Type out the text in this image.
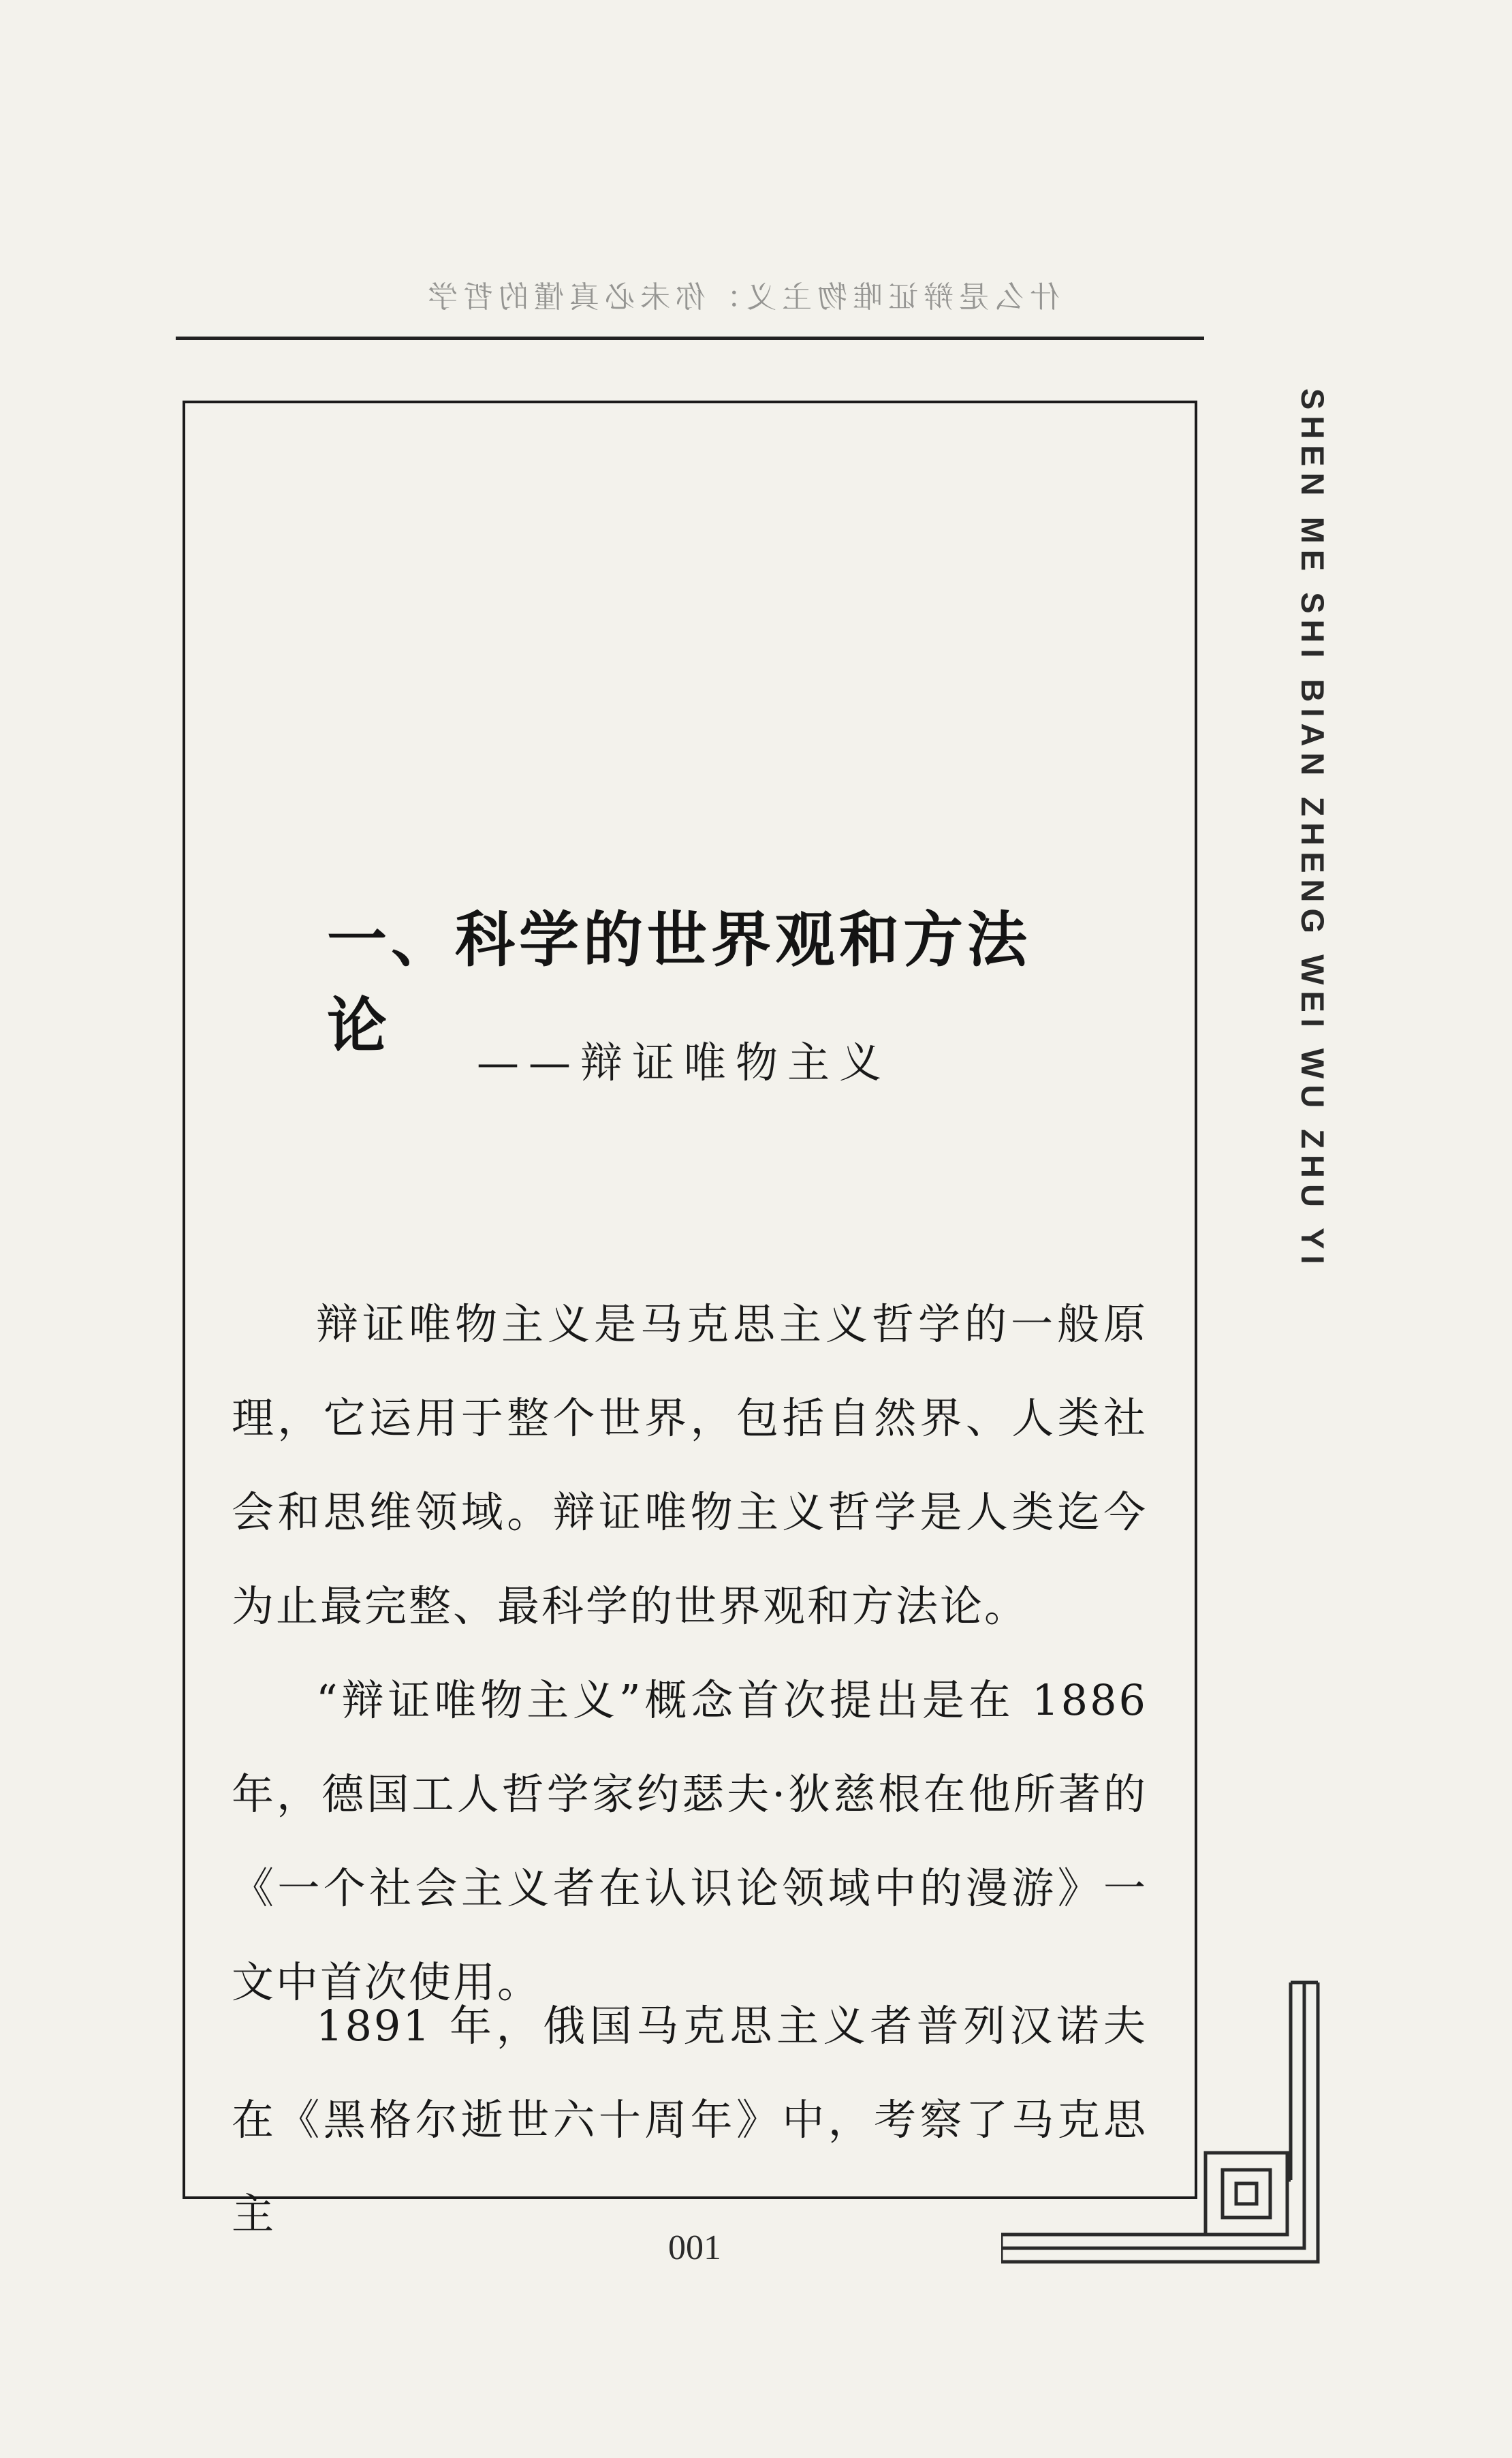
什么是辩证唯物主义：你未必真懂的哲学
一、科学的世界观和方法论
——辩证唯物主义
辩证唯物主义是马克思主义哲学的一般原理，它运用于整个世界，包括自然界、人类社会和思维领域。辩证唯物主义哲学是人类迄今为止最完整、最科学的世界观和方法论。
“辩证唯物主义”概念首次提出是在 1886 年，德国工人哲学家约瑟夫·狄慈根在他所著的《一个社会主义者在认识论领域中的漫游》一文中首次使用。
1891 年，俄国马克思主义者普列汉诺夫在《黑格尔逝世六十周年》中，考察了马克思主
SHEN ME SHI BIAN ZHENG WEI WU ZHU YI
001
